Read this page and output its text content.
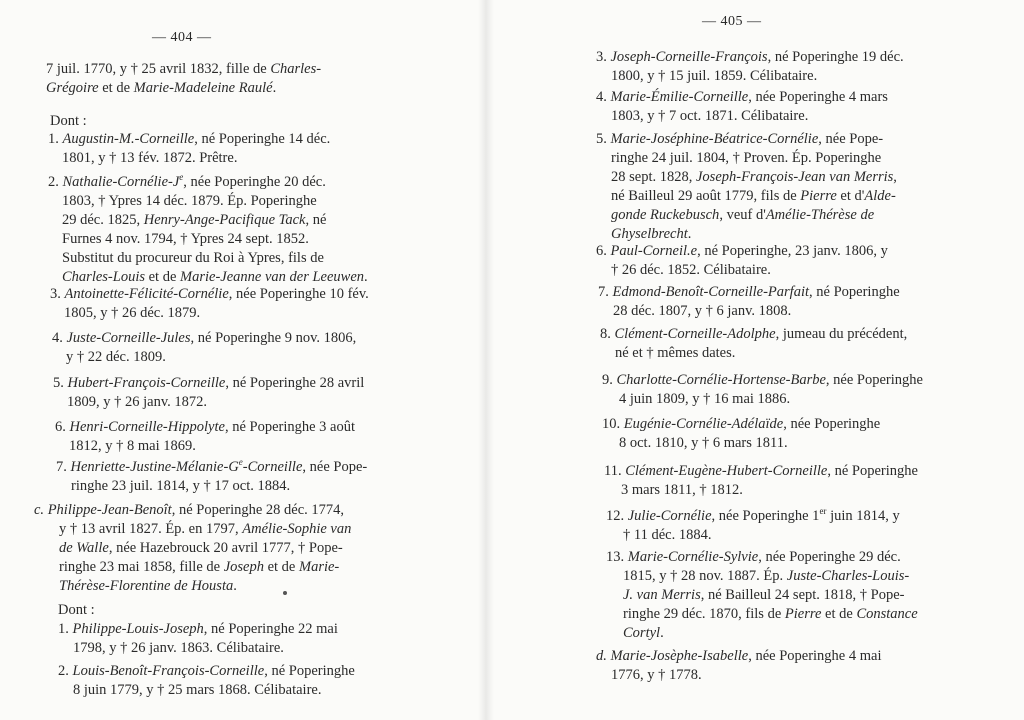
— 404 —
7 juil. 1770, y † 25 avril 1832, fille de Charles-
Grégoire et de Marie-Madeleine Raulé.
Dont :
1. Augustin-M.-Corneille, né Poperinghe 14 déc.
1801, y † 13 fév. 1872. Prêtre.
2. Nathalie-$Cornélie-J^e$, née Poperinghe 20 déc.
1803, † Ypres 14 déc. 1879. Ép. Poperinghe
29 déc. 1825, Henry-Ange-Pacifique Tack, né
Furnes 4 nov. 1794, † Ypres 24 sept. 1852.
Substitut du procureur du Roi à Ypres, fils de
Charles-Louis et de Marie-Jeanne van der Leeuwen.
3. Antoinette-Félicité-Cornélie, née Poperinghe 10 fév.
1805, y † 26 déc. 1879.
4. Juste-Corneille-Jules, né Poperinghe 9 nov. 1806,
y † 22 déc. 1809.
5. Hubert-François-Corneille, né Poperinghe 28 avril
1809, y † 26 janv. 1872.
6. Henri-Corneille-Hippolyte, né Poperinghe 3 août
1812, y † 8 mai 1869.
7. Henriette-$Justine-Mélanie-G^e$-Corneille, née Pope-
ringhe 23 juil. 1814, y † 17 oct. 1884.
c. Philippe-Jean-Benoît, né Poperinghe 28 déc. 1774,
y † 13 avril 1827. Ép. en 1797, Amélie-Sophie van
de Walle, née Hazebrouck 20 avril 1777, † Pope-
ringhe 23 mai 1858, fille de Joseph et de Marie-
Thérèse-Florentine de Housta.
Dont :
1. Philippe-Louis-Joseph, né Poperinghe 22 mai
1798, y † 26 janv. 1863. Célibataire.
2. Louis-Benoît-François-Corneille, né Poperinghe
8 juin 1779, y † 25 mars 1868. Célibataire.
— 405 —
3. Joseph-Corneille-François, né Poperinghe 19 déc.
1800, y † 15 juil. 1859. Célibataire.
4. Marie-Émilie-Corneille, née Poperinghe 4 mars
1803, y † 7 oct. 1871. Célibataire.
5. Marie-Joséphine-Béatrice-Cornélie, née Pope-
ringhe 24 juil. 1804, † Proven. Ép. Poperinghe
28 sept. 1828, Joseph-François-Jean van Merris,
né Bailleul 29 août 1779, fils de Pierre et d'Alde-
gonde Ruckebusch, veuf d'Amélie-Thérèse de
Ghyselbrecht.
6. Paul-Corneil.e, né Poperinghe, 23 janv. 1806, y
† 26 déc. 1852. Célibataire.
7. Edmond-Benoît-Corneille-Parfait, né Poperinghe
28 déc. 1807, y † 6 janv. 1808.
8. Clément-Corneille-Adolphe, jumeau du précédent,
né et † mêmes dates.
9. Charlotte-Cornélie-Hortense-Barbe, née Poperinghe
4 juin 1809, y † 16 mai 1886.
10. Eugénie-Cornélie-Adélaïde, née Poperinghe
8 oct. 1810, y † 6 mars 1811.
11. Clément-Eugène-Hubert-Corneille, né Poperinghe
3 mars 1811, † 1812.
12. Julie-Cornélie, née Poperinghe 1er juin 1814, y
† 11 déc. 1884.
13. Marie-Cornélie-Sylvie, née Poperinghe 29 déc.
1815, y † 28 nov. 1887. Ép. Juste-Charles-Louis-
J. van Merris, né Bailleul 24 sept. 1818, † Pope-
ringhe 29 déc. 1870, fils de Pierre et de Constance
Cortyl.
d. Marie-Josèphe-Isabelle, née Poperinghe 4 mai
1776, y † 1778.
